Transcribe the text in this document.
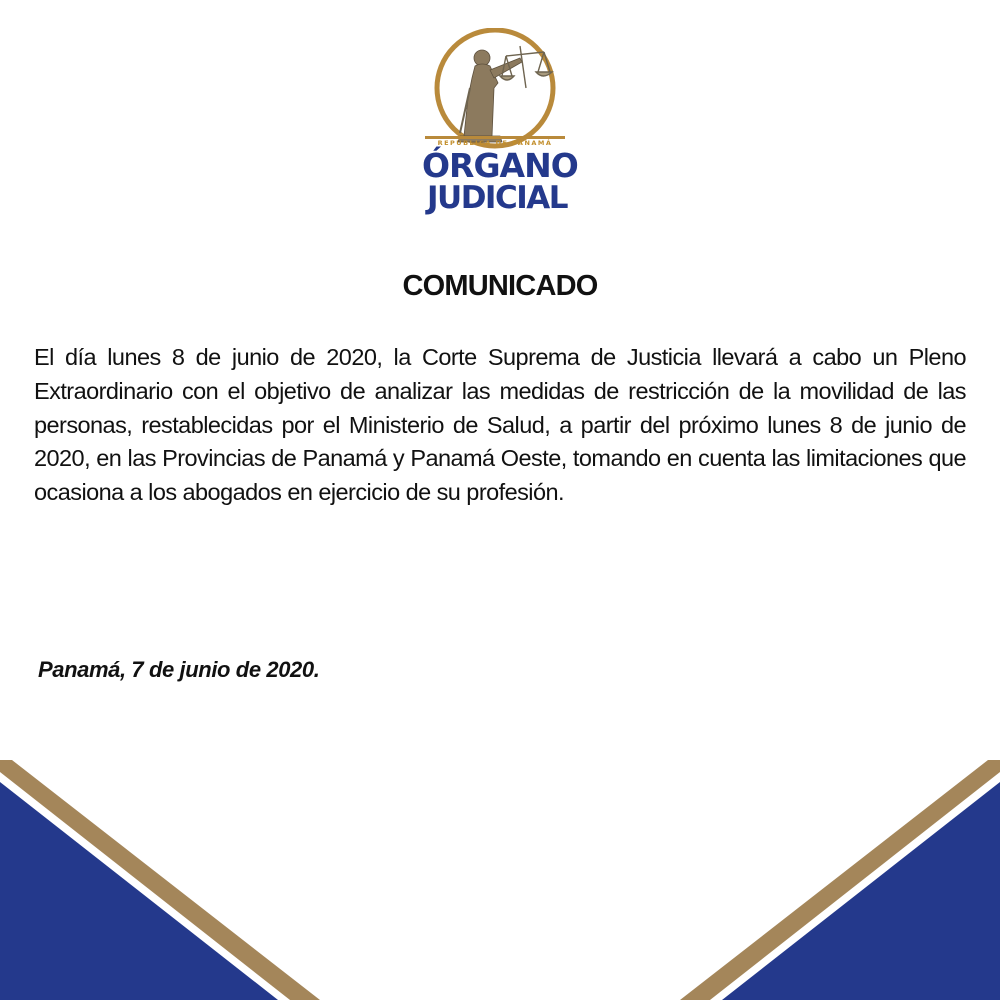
REPÚBLICA DE PANAMÁ
ÓRGANO
JUDICIAL
COMUNICADO

El día lunes 8 de junio de 2020, la Corte Suprema de Justicia llevará a cabo un Pleno Extraordinario con el objetivo de analizar las medidas de restricción de la movilidad de las personas, restablecidas por el Ministerio de Salud, a partir del próximo lunes 8 de junio de 2020, en las Provincias de Panamá y Panamá Oeste, tomando en cuenta las limitaciones que ocasiona a los abogados en ejercicio de su profesión.

Panamá, 7 de junio de 2020.
